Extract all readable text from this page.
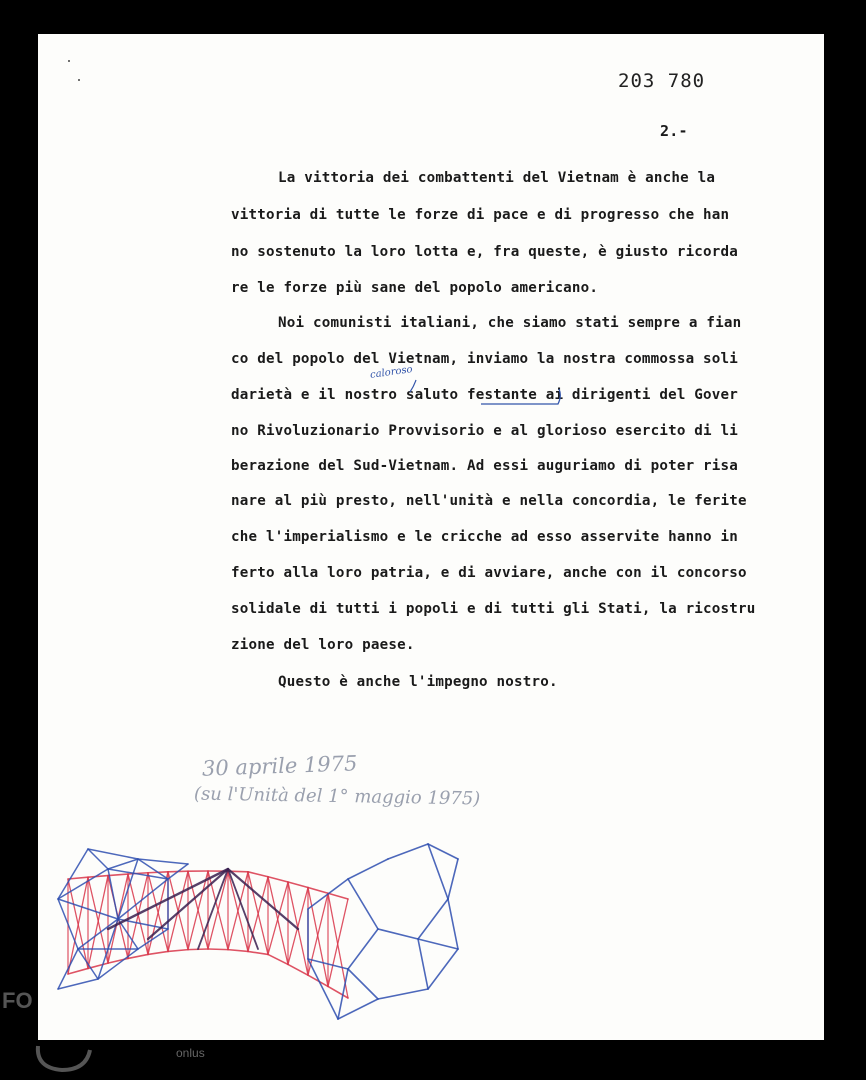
203 780
2.-
La vittoria dei combattenti del Vietnam è anche la
vittoria di tutte le forze di pace e di progresso che han
no sostenuto la loro lotta e, fra queste, è giusto ricorda
re le forze più sane del popolo americano.
Noi comunisti italiani, che siamo stati sempre a fian
co del popolo del Vietnam, inviamo la nostra commossa soli
darietà e il nostro saluto festante ai dirigenti del Gover
no Rivoluzionario Provvisorio e al glorioso esercito di li
berazione del Sud-Vietnam. Ad essi auguriamo di poter risa
nare al più presto, nell'unità e nella concordia, le ferite
che l'imperialismo e le cricche ad esso asservite hanno in
ferto alla loro patria, e di avviare, anche con il concorso
solidale di tutti i popoli e di tutti gli Stati, la ricostru
zione del loro paese.
Questo è anche l'impegno nostro.
caloroso
30 aprile 1975
(su l'Unità del 1° maggio 1975)
FO
onlus
